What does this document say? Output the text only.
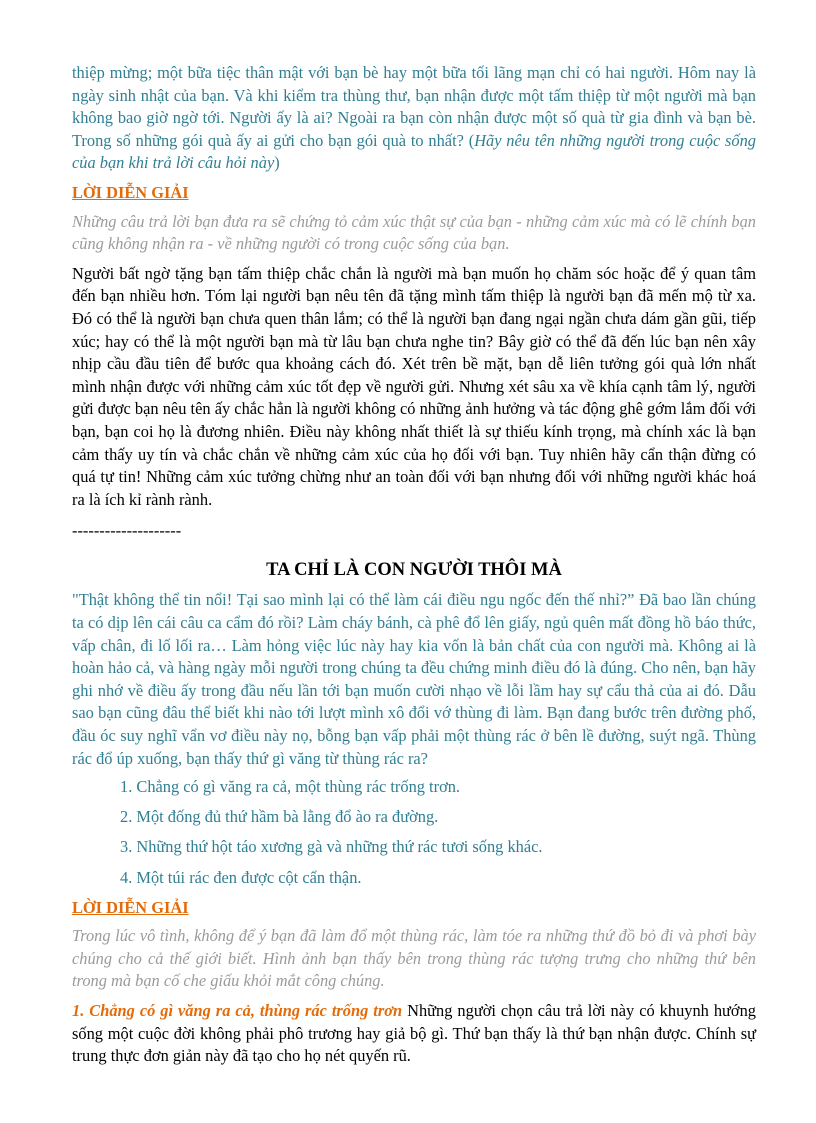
thiệp mừng; một bữa tiệc thân mật với bạn bè hay một bữa tối lãng mạn chỉ có hai người. Hôm nay là ngày sinh nhật của bạn. Và khi kiểm tra thùng thư, bạn nhận được một tấm thiệp từ một người mà bạn không bao giờ ngờ tới. Người ấy là ai? Ngoài ra bạn còn nhận được một số quà từ gia đình và bạn bè. Trong số những gói quà ấy ai gửi cho bạn gói quà to nhất? (Hãy nêu tên những người trong cuộc sống của bạn khi trả lời câu hỏi này)

LỜI DIỄN GIẢI

Những câu trả lời bạn đưa ra sẽ chứng tỏ cảm xúc thật sự của bạn - những cảm xúc mà có lẽ chính bạn cũng không nhận ra - về những người có trong cuộc sống của bạn.

Người bất ngờ tặng bạn tấm thiệp chắc chắn là người mà bạn muốn họ chăm sóc hoặc để ý quan tâm đến bạn nhiều hơn. Tóm lại người bạn nêu tên đã tặng mình tấm thiệp là người bạn đã mến mộ từ xa. Đó có thể là người bạn chưa quen thân lắm; có thể là người bạn đang ngại ngần chưa dám gần gũi, tiếp xúc; hay có thể là một người bạn mà từ lâu bạn chưa nghe tin? Bây giờ có thể đã đến lúc bạn nên xây nhịp cầu đầu tiên để bước qua khoảng cách đó. Xét trên bề mặt, bạn dễ liên tưởng gói quà lớn nhất mình nhận được với những cảm xúc tốt đẹp về người gửi. Nhưng xét sâu xa về khía cạnh tâm lý, người gửi được bạn nêu tên ấy chắc hẳn là người không có những ảnh hưởng và tác động ghê gớm lắm đối với bạn, bạn coi họ là đương nhiên. Điều này không nhất thiết là sự thiếu kính trọng, mà chính xác là bạn cảm thấy uy tín và chắc chắn về những cảm xúc của họ đối với bạn. Tuy nhiên hãy cẩn thận đừng có quá tự tin! Những cảm xúc tưởng chừng như an toàn đối với bạn nhưng đối với những người khác hoá ra là ích kỉ rành rành.

--------------------

TA CHỈ LÀ CON NGƯỜI THÔI MÀ

"Thật không thể tin nổi! Tại sao mình lại có thể làm cái điều ngu ngốc đến thế nhỉ?” Đã bao lần chúng ta có dịp lên cái câu ca cẩm đó rồi? Làm cháy bánh, cà phê đổ lên giấy, ngủ quên mất đồng hồ báo thức, vấp chân, đi lố lối ra… Làm hỏng việc lúc này hay kia vốn là bản chất của con người mà. Không ai là hoàn hảo cả, và hàng ngày mỗi người trong chúng ta đều chứng minh điều đó là đúng. Cho nên, bạn hãy ghi nhớ về điều ấy trong đầu nếu lần tới bạn muốn cười nhạo về lỗi lầm hay sự cẩu thả của ai đó. Dẫu sao bạn cũng đâu thể biết khi nào tới lượt mình xô đổi vớ thùng đi làm. Bạn đang bước trên đường phố, đầu óc suy nghĩ vẩn vơ điều này nọ, bỗng bạn vấp phải một thùng rác ở bên lề đường, suýt ngã. Thùng rác đổ úp xuống, bạn thấy thứ gì văng từ thùng rác ra?

1. Chẳng có gì văng ra cả, một thùng rác trống trơn.
2. Một đống đủ thứ hầm bà lằng đổ ào ra đường.
3. Những thứ hột táo xương gà và những thứ rác tươi sống khác.
4. Một túi rác đen được cột cẩn thận.

LỜI DIỄN GIẢI

Trong lúc vô tình, không để ý bạn đã làm đổ một thùng rác, làm tóe ra những thứ đồ bỏ đi và phơi bày chúng cho cả thế giới biết. Hình ảnh bạn thấy bên trong thùng rác tượng trưng cho những thứ bên trong mà bạn cố che giấu khỏi mắt công chúng.

1. Chẳng có gì văng ra cả, thùng rác trống trơn Những người chọn câu trả lời này có khuynh hướng sống một cuộc đời không phải phô trương hay giả bộ gì. Thứ bạn thấy là thứ bạn nhận được. Chính sự trung thực đơn giản này đã tạo cho họ nét quyến rũ.
